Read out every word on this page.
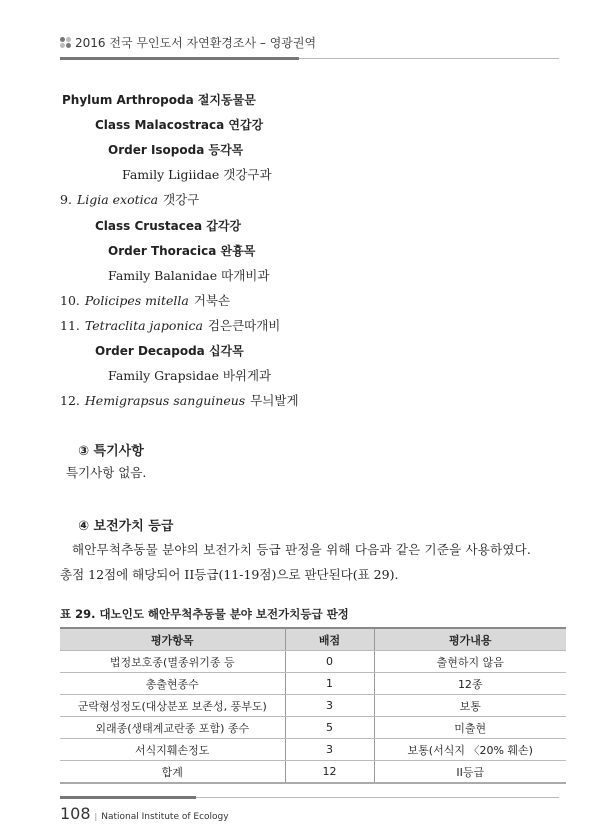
2016 전국 무인도서 자연환경조사 – 영광권역
Phylum Arthropoda 절지동물문
Class Malacostraca 연갑강
Order Isopoda 등각목
Family Ligiidae 갯강구과
9. Ligia exotica 갯강구
Class Crustacea 갑각강
Order Thoracica 완흉목
Family Balanidae 따개비과
10. Policipes mitella 거북손
11. Tetraclita japonica 검은큰따개비
Order Decapoda 십각목
Family Grapsidae 바위게과
12. Hemigrapsus sanguineus 무늬발게
③ 특기사항
특기사항 없음.
④ 보전가치 등급
해안무척추동물 분야의 보전가치 등급 판정을 위해 다음과 같은 기준을 사용하였다.
총점 12점에 해당되어 II등급(11-19점)으로 판단된다(표 29).
표 29. 대노인도 해안무척추동물 분야 보전가치등급 판정
평가항목	배점	평가내용
법정보호종(멸종위기종 등	0	출현하지 않음
총출현종수	1	12종
군락형성정도(대상분포 보존성, 풍부도)	3	보통
외래종(생태계교란종 포함) 종수	5	미출현
서식지훼손정도	3	보통(서식지 〈20% 훼손)
합계	12	II등급
108 | National Institute of Ecology
